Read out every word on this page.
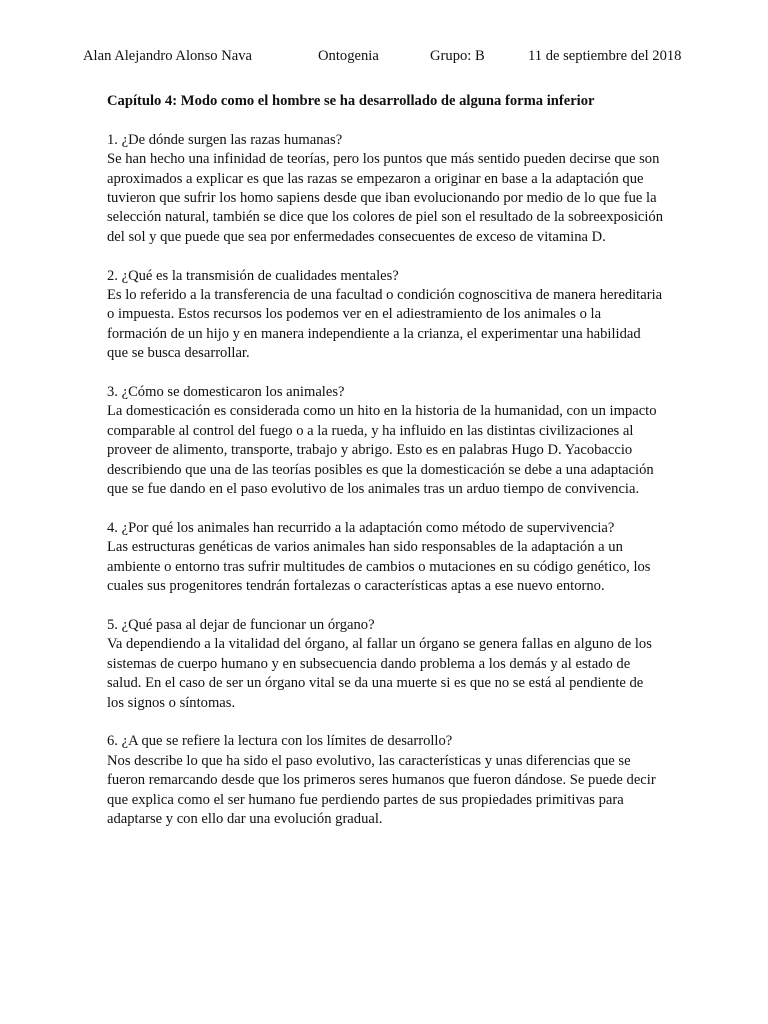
Alan Alejandro Alonso Nava	Ontogenia	Grupo: B	11 de septiembre del 2018

Capítulo 4: Modo como el hombre se ha desarrollado de alguna forma inferior

1. ¿De dónde surgen las razas humanas?

Se han hecho una infinidad de teorías, pero los puntos que más sentido pueden decirse que son aproximados a explicar es que las razas se empezaron a originar en base a la adaptación que tuvieron que sufrir los homo sapiens desde que iban evolucionando por medio de lo que fue la selección natural, también se dice que los colores de piel son el resultado de la sobreexposición del sol y que puede que sea por enfermedades consecuentes de exceso de vitamina D.

2. ¿Qué es la transmisión de cualidades mentales?

Es lo referido a la transferencia de una facultad o condición cognoscitiva de manera hereditaria o impuesta. Estos recursos los podemos ver en el adiestramiento de los animales o la formación de un hijo y en manera independiente a la crianza, el experimentar una habilidad que se busca desarrollar.

3. ¿Cómo se domesticaron los animales?

La domesticación es considerada como un hito en la historia de la humanidad, con un impacto comparable al control del fuego o a la rueda, y ha influido en las distintas civilizaciones al proveer de alimento, transporte, trabajo y abrigo. Esto es en palabras Hugo D. Yacobaccio describiendo que una de las teorías posibles es que la domesticación se debe a una adaptación que se fue dando en el paso evolutivo de los animales tras un arduo tiempo de convivencia.

4. ¿Por qué los animales han recurrido a la adaptación como método de supervivencia?

Las estructuras genéticas de varios animales han sido responsables de la adaptación a un ambiente o entorno tras sufrir multitudes de cambios o mutaciones en su código genético, los cuales sus progenitores tendrán fortalezas o características aptas a ese nuevo entorno.

5. ¿Qué pasa al dejar de funcionar un órgano?

Va dependiendo a la vitalidad del órgano, al fallar un órgano se genera fallas en alguno de los sistemas de cuerpo humano y en subsecuencia dando problema a los demás y al estado de salud. En el caso de ser un órgano vital se da una muerte si es que no se está al pendiente de los signos o síntomas.

6. ¿A que se refiere la lectura con los límites de desarrollo?

Nos describe lo que ha sido el paso evolutivo, las características y unas diferencias que se fueron remarcando desde que los primeros seres humanos que fueron dándose. Se puede decir que explica como el ser humano fue perdiendo partes de sus propiedades primitivas para adaptarse y con ello dar una evolución gradual.
